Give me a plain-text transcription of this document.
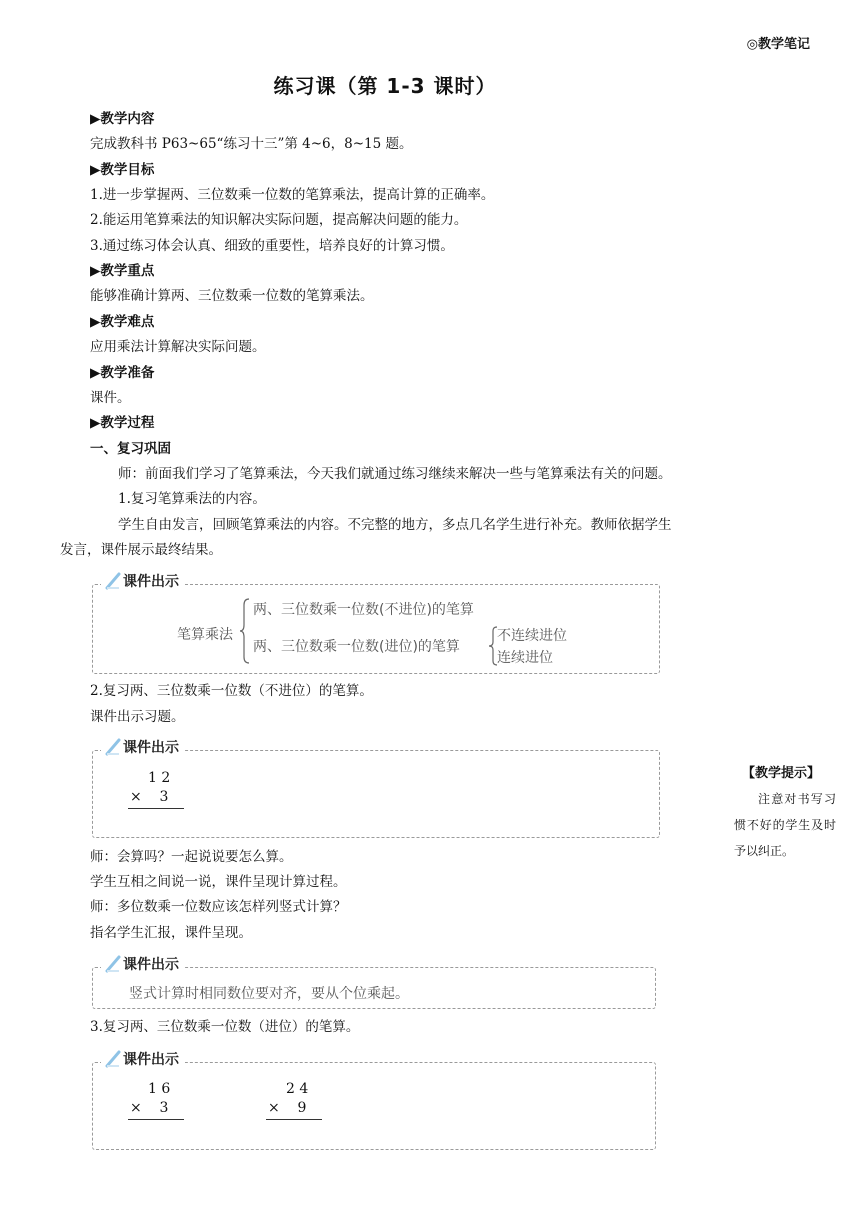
◎教学笔记
练习课（第 1-3 课时）
▶教学内容
完成教科书 P63~65“练习十三”第 4~6，8~15 题。
▶教学目标
1.进一步掌握两、三位数乘一位数的笔算乘法，提高计算的正确率。
2.能运用笔算乘法的知识解决实际问题，提高解决问题的能力。
3.通过练习体会认真、细致的重要性，培养良好的计算习惯。
▶教学重点
能够准确计算两、三位数乘一位数的笔算乘法。
▶教学难点
应用乘法计算解决实际问题。
▶教学准备
课件。
▶教学过程
一、复习巩固
师：前面我们学习了笔算乘法，今天我们就通过练习继续来解决一些与笔算乘法有关的问题。
1.复习笔算乘法的内容。
学生自由发言，回顾笔算乘法的内容。不完整的地方，多点几名学生进行补充。教师依据学生
发言，课件展示最终结果。
课件出示
笔算乘法
两、三位数乘一位数(不进位)的笔算
两、三位数乘一位数(进位)的笔算
不连续进位
连续进位
2.复习两、三位数乘一位数（不进位）的笔算。
课件出示习题。
课件出示
1 2
×    3
【教学提示】
注意对书写习惯不好的学生及时予以纠正。
师：会算吗？一起说说要怎么算。
学生互相之间说一说，课件呈现计算过程。
师：多位数乘一位数应该怎样列竖式计算？
指名学生汇报，课件呈现。
课件出示
竖式计算时相同数位要对齐，要从个位乘起。
3.复习两、三位数乘一位数（进位）的笔算。
课件出示
1 6
×    3
2 4
×    9
